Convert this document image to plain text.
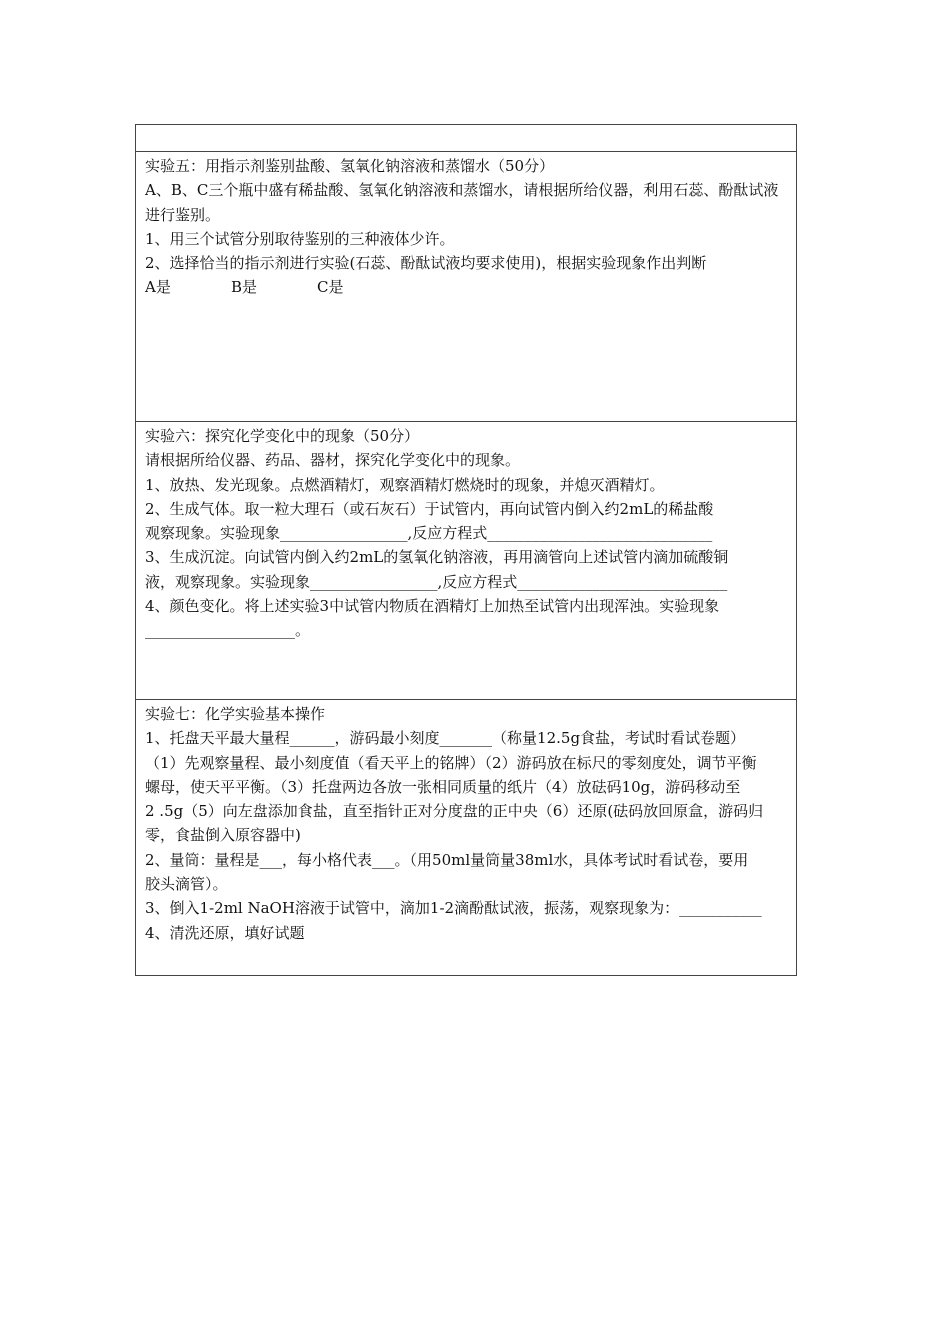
实验五：用指示剂鉴别盐酸、氢氧化钠溶液和蒸馏水（50分）
A、B、C三个瓶中盛有稀盐酸、氢氧化钠溶液和蒸馏水，请根据所给仪器，利用石蕊、酚酞试液进行鉴别。
1、用三个试管分别取待鉴别的三种液体少许。
2、选择恰当的指示剂进行实验(石蕊、酚酞试液均要求使用)，根据实验现象作出判断
A是	B是	C是
实验六：探究化学变化中的现象（50分）
请根据所给仪器、药品、器材，探究化学变化中的现象。
1、放热、发光现象。点燃酒精灯，观察酒精灯燃烧时的现象，并熄灭酒精灯。
2、生成气体。取一粒大理石（或石灰石）于试管内，再向试管内倒入约2mL的稀盐酸
观察现象。实验现象_________________,反应方程式______________________________
3、生成沉淀。向试管内倒入约2mL的氢氧化钠溶液，再用滴管向上述试管内滴加硫酸铜
液，观察现象。实验现象_________________,反应方程式____________________________
4、颜色变化。将上述实验3中试管内物质在酒精灯上加热至试管内出现浑浊。实验现象
____________________。
实验七：化学实验基本操作
1、托盘天平最大量程______，游码最小刻度_______（称量12.5g食盐，考试时看试卷题）
（1）先观察量程、最小刻度值（看天平上的铭牌）（2）游码放在标尺的零刻度处，调节平衡
螺母，使天平平衡。（3）托盘两边各放一张相同质量的纸片（4）放砝码10g，游码移动至
2 .5g（5）向左盘添加食盐，直至指针正对分度盘的正中央（6）还原(砝码放回原盒，游码归
零，食盐倒入原容器中)
2、量筒：量程是___，每小格代表___。（用50ml量筒量38ml水，具体考试时看试卷，要用
胶头滴管）。
3、倒入1-2ml NaOH溶液于试管中，滴加1-2滴酚酞试液，振荡，观察现象为：___________
4、清洗还原，填好试题
